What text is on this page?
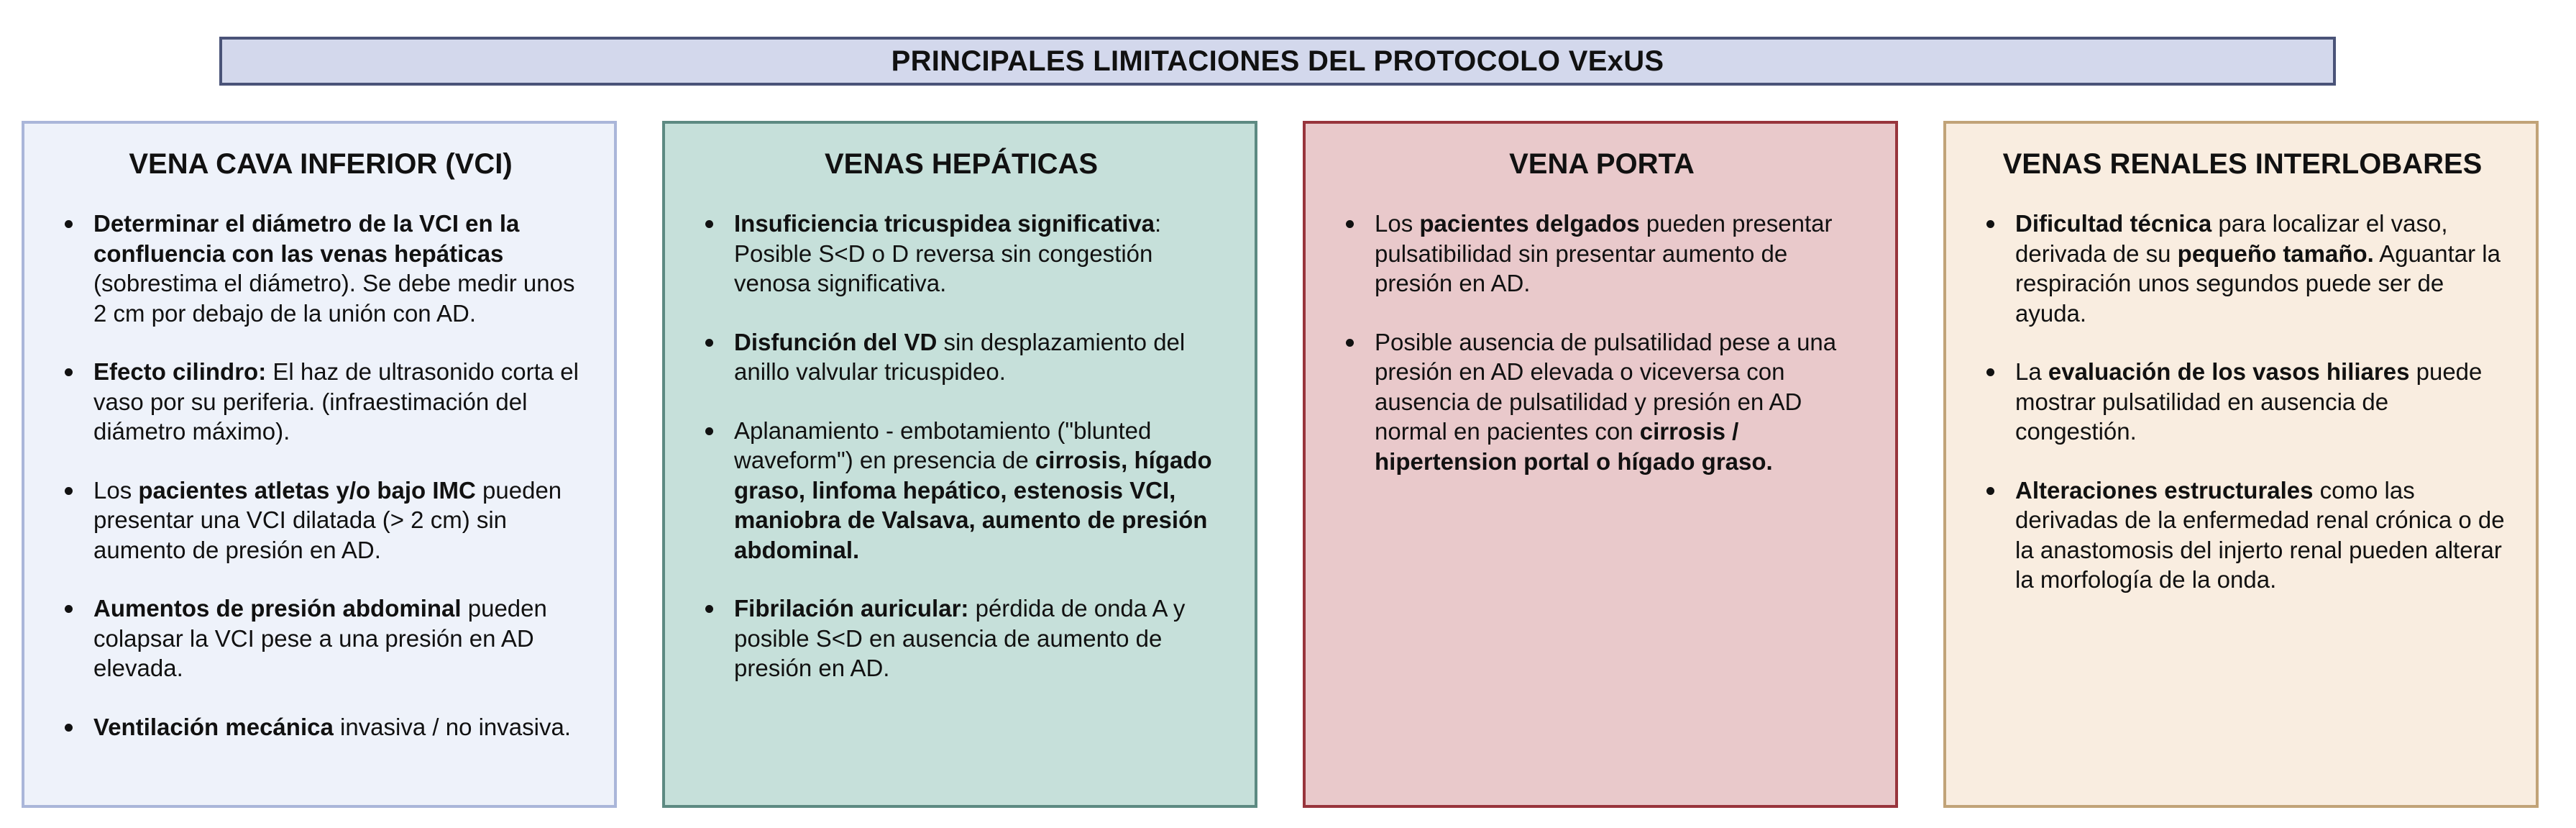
PRINCIPALES LIMITACIONES DEL PROTOCOLO VExUS
VENA CAVA INFERIOR (VCI)
Determinar el diámetro de la VCI en la confluencia con las venas hepáticas (sobrestima el diámetro). Se debe medir unos 2 cm por debajo de la unión con AD.
Efecto cilindro: El haz de ultrasonido corta el vaso por su periferia. (infraestimación del diámetro máximo).
Los pacientes atletas y/o bajo IMC pueden presentar una VCI dilatada (> 2 cm) sin aumento de presión en AD.
Aumentos de presión abdominal pueden colapsar la VCI pese a una presión en AD elevada.
Ventilación mecánica invasiva / no invasiva.
VENAS HEPÁTICAS
Insuficiencia tricuspidea significativa: Posible S<D o D reversa sin congestión venosa significativa.
Disfunción del VD sin desplazamiento del anillo valvular tricuspideo.
Aplanamiento - embotamiento ("blunted waveform") en presencia de cirrosis, hígado graso, linfoma hepático, estenosis VCI, maniobra de Valsava, aumento de presión abdominal.
Fibrilación auricular: pérdida de onda A y posible S<D en ausencia de aumento de presión en AD.
VENA PORTA
Los pacientes delgados pueden presentar pulsatibilidad sin presentar aumento de presión en AD.
Posible ausencia de pulsatilidad pese a una presión en AD elevada o viceversa con ausencia de pulsatilidad y presión en AD normal en pacientes con cirrosis / hipertension portal o hígado graso.
VENAS RENALES INTERLOBARES
Dificultad técnica para localizar el vaso, derivada de su pequeño tamaño. Aguantar la respiración unos segundos puede ser de ayuda.
La evaluación de los vasos hiliares puede mostrar pulsatilidad en ausencia de congestión.
Alteraciones estructurales como las derivadas de la enfermedad renal crónica o de la anastomosis del injerto renal pueden alterar la morfología de la onda.
